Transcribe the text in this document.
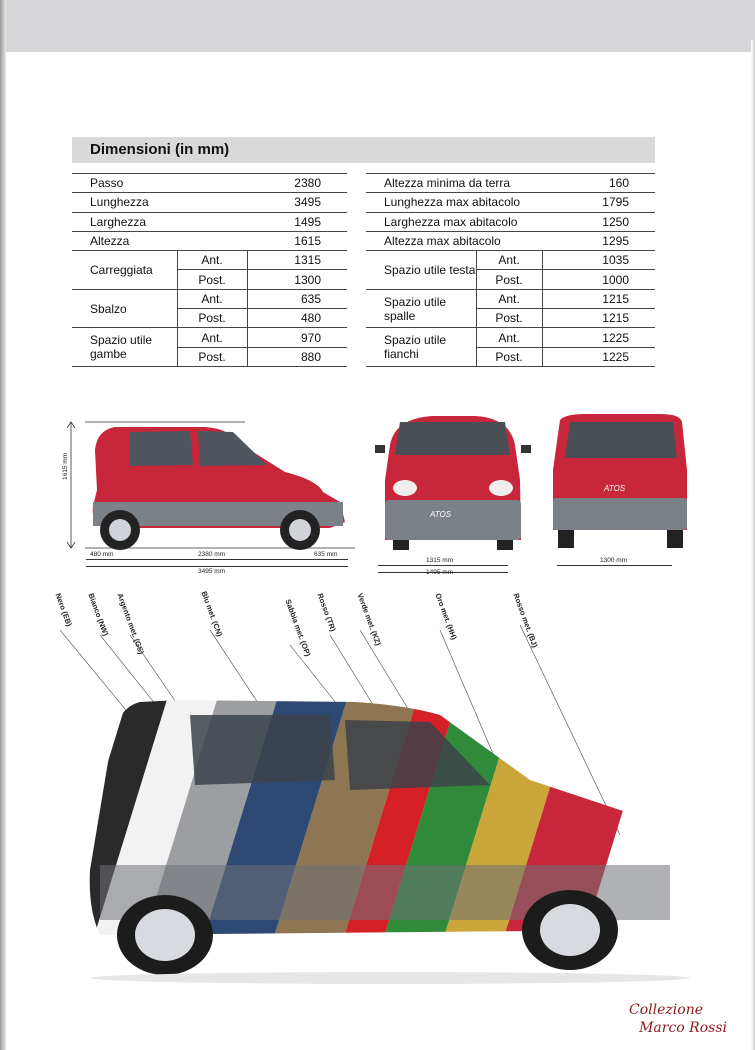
Dimensioni (in mm)
Passo		2380
Lunghezza		3495
Larghezza		1495
Altezza		1615
Carreggiata	Ant.	1315
	Post.	1300
Sbalzo	Ant.	635
	Post.	480
Spazio utile gambe	Ant.	970
	Post.	880
Altezza minima da terra		160
Lunghezza max abitacolo		1795
Larghezza max abitacolo		1250
Altezza max abitacolo		1295
Spazio utile testa	Ant.	1035
	Post.	1000
Spazio utile spalle	Ant.	1215
	Post.	1215
Spazio utile fianchi	Ant.	1225
	Post.	1225
ATOS
ATOS
1615 mm
480 mm	2380 mm	635 mm
3495 mm
1315 mm
1495 mm
1300 mm
Nero (EB) Bianco (NW) Argento met. (GS)	Blu met. (CN)	Sabbia met. (OP) Rosso (TR) Verde met. (KZ)	Oro met. (HH)	Rosso met. (BJ)
Collezione
Marco Rossi
